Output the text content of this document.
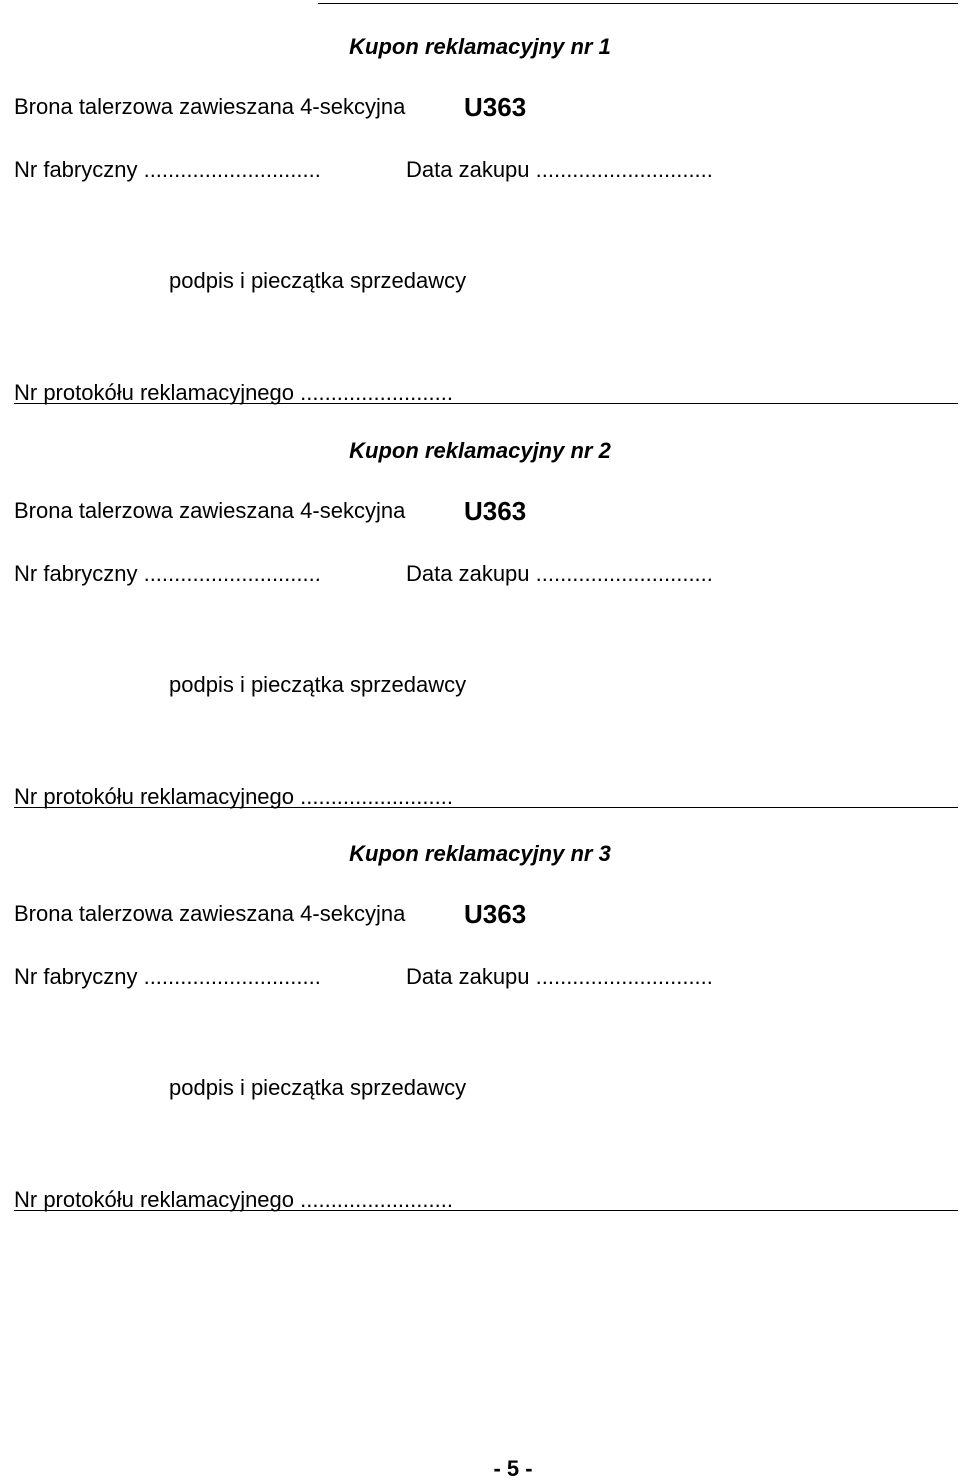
Kupon reklamacyjny nr 1
Brona talerzowa zawieszana 4-sekcyjna U363
Nr fabryczny .............................	Data zakupu .............................
podpis i pieczątka sprzedawcy
Nr protokółu reklamacyjnego .........................
Kupon reklamacyjny nr 2
Brona talerzowa zawieszana 4-sekcyjna U363
Nr fabryczny .............................	Data zakupu .............................
podpis i pieczątka sprzedawcy
Nr protokółu reklamacyjnego .........................
Kupon reklamacyjny nr 3
Brona talerzowa zawieszana 4-sekcyjna U363
Nr fabryczny .............................	Data zakupu .............................
podpis i pieczątka sprzedawcy
Nr protokółu reklamacyjnego .........................
- 5 -
